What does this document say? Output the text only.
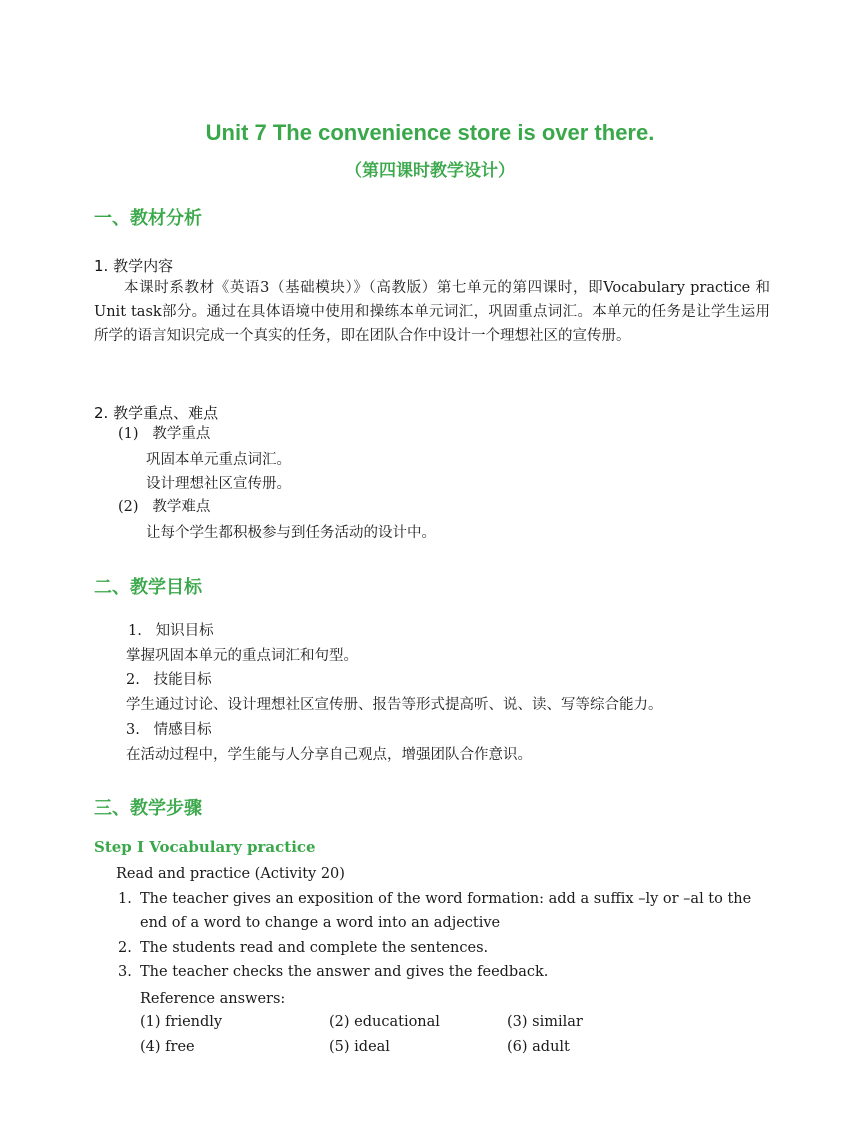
Unit 7 The convenience store is over there.
（第四课时教学设计）
一、教材分析
1. 教学内容
本课时系教材《英语3（基础模块）》（高教版）第七单元的第四课时，即Vocabulary practice 和Unit task部分。通过在具体语境中使用和操练本单元词汇，巩固重点词汇。本单元的任务是让学生运用所学的语言知识完成一个真实的任务，即在团队合作中设计一个理想社区的宣传册。
2. 教学重点、难点
(1) 教学重点
巩固本单元重点词汇。
设计理想社区宣传册。
(2) 教学难点
让每个学生都积极参与到任务活动的设计中。
二、教学目标
1. 知识目标
掌握巩固本单元的重点词汇和句型。
2. 技能目标
学生通过讨论、设计理想社区宣传册、报告等形式提高听、说、读、写等综合能力。
3. 情感目标
在活动过程中，学生能与人分享自己观点，增强团队合作意识。
三、教学步骤
Step I Vocabulary practice
Read and practice (Activity 20)
1. The teacher gives an exposition of the word formation: add a suffix –ly or –al to the end of a word to change a word into an adjective
2. The students read and complete the sentences.
3. The teacher checks the answer and gives the feedback.
Reference answers:
(1) friendly	(2) educational	(3) similar
(4) free	(5) ideal	(6) adult
